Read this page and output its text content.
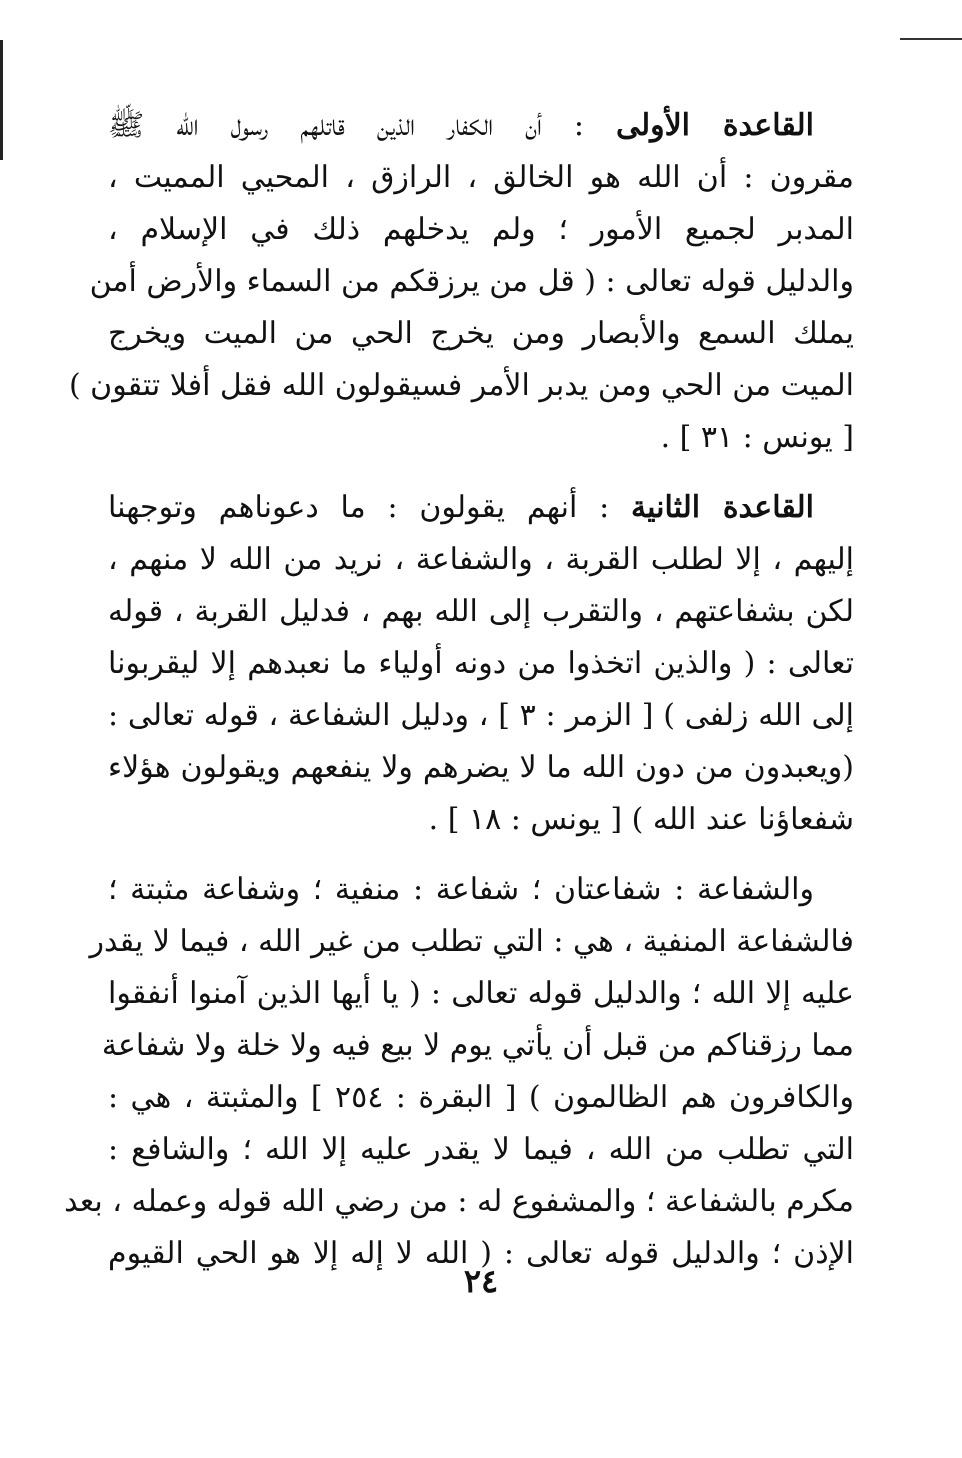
القاعدة الأولى : أن الكفار الذين قاتلهم رسول الله ﷺ
مقرون : أن الله هو الخالق ، الرازق ، المحيي المميت ،
المدبر لجميع الأمور ؛ ولم يدخلهم ذلك في الإسلام ،
والدليل قوله تعالى : ( قل من يرزقكم من السماء والأرض أمن
يملك السمع والأبصار ومن يخرج الحي من الميت ويخرج
الميت من الحي ومن يدبر الأمر فسيقولون الله فقل أفلا تتقون )
[ يونس : ٣١ ] .

القاعدة الثانية : أنهم يقولون : ما دعوناهم وتوجهنا
إليهم ، إلا لطلب القربة ، والشفاعة ، نريد من الله لا منهم ،
لكن بشفاعتهم ، والتقرب إلى الله بهم ، فدليل القربة ، قوله
تعالى : ( والذين اتخذوا من دونه أولياء ما نعبدهم إلا ليقربونا
إلى الله زلفى ) [ الزمر : ٣ ] ، ودليل الشفاعة ، قوله تعالى :
(ويعبدون من دون الله ما لا يضرهم ولا ينفعهم ويقولون هؤلاء
شفعاؤنا عند الله ) [ يونس : ١٨ ] .

والشفاعة : شفاعتان ؛ شفاعة : منفية ؛ وشفاعة مثبتة ؛
فالشفاعة المنفية ، هي : التي تطلب من غير الله ، فيما لا يقدر
عليه إلا الله ؛ والدليل قوله تعالى : ( يا أيها الذين آمنوا أنفقوا
مما رزقناكم من قبل أن يأتي يوم لا بيع فيه ولا خلة ولا شفاعة
والكافرون هم الظالمون ) [ البقرة : ٢٥٤ ] والمثبتة ، هي :
التي تطلب من الله ، فيما لا يقدر عليه إلا الله ؛ والشافع :
مكرم بالشفاعة ؛ والمشفوع له : من رضي الله قوله وعمله ، بعد
الإذن ؛ والدليل قوله تعالى : ( الله لا إله إلا هو الحي القيوم

٢٤
